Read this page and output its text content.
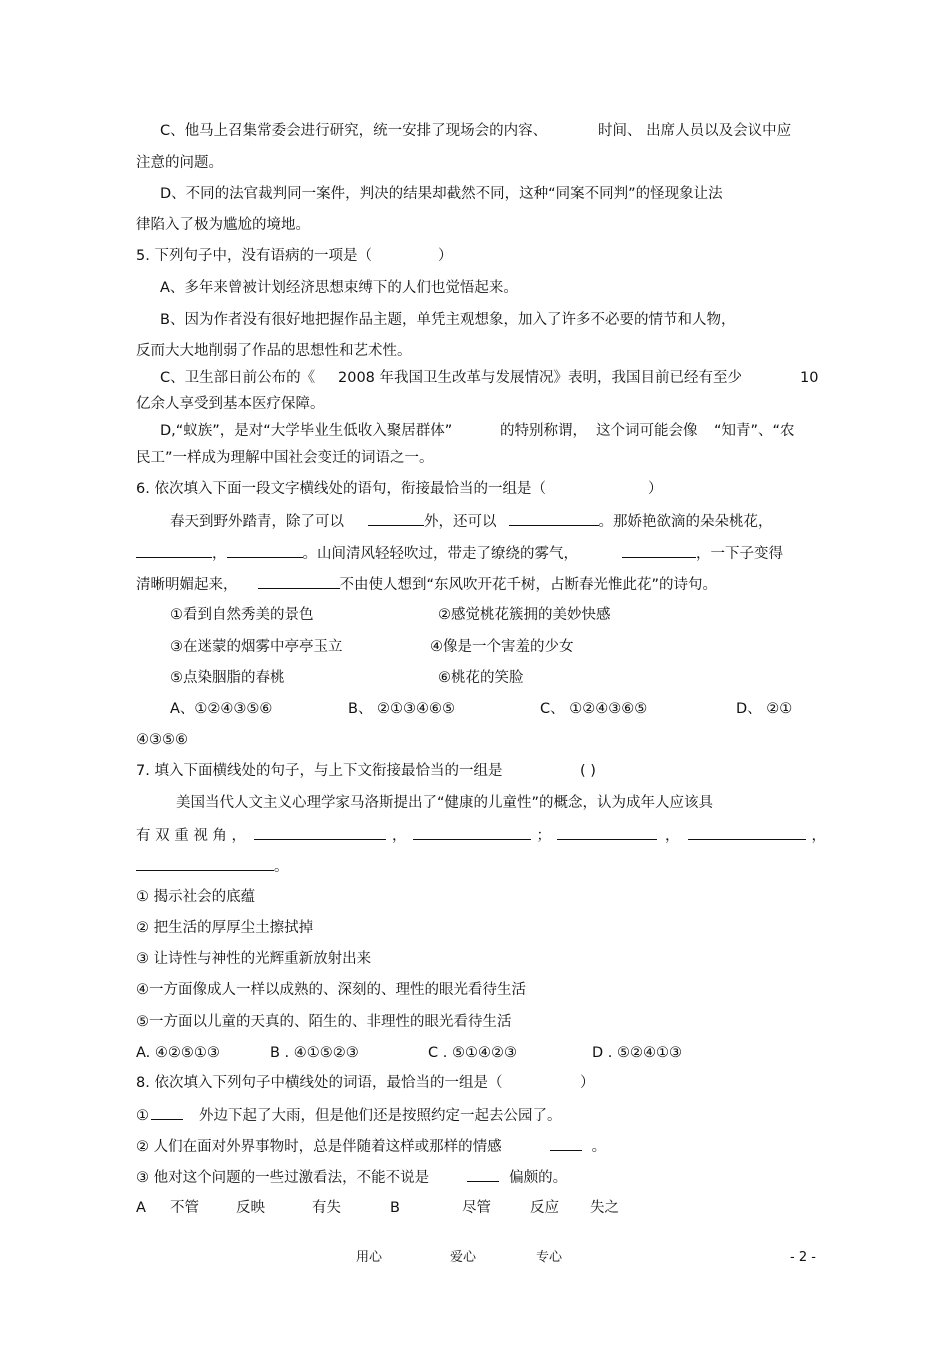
C、他马上召集常委会进行研究，统一安排了现场会的内容、	时间、 出席人员以及会议中应
注意的问题。
D、不同的法官裁判同一案件，判决的结果却截然不同，这种“同案不同判”的怪现象让法
律陷入了极为尴尬的境地。
5. 下列句子中，没有语病的一项是（	）
A、多年来曾被计划经济思想束缚下的人们也觉悟起来。
B、因为作者没有很好地把握作品主题，单凭主观想象，加入了许多不必要的情节和人物，
反而大大地削弱了作品的思想性和艺术性。
C、卫生部日前公布的《 2008 年我国卫生改革与发展情况》表明，我国目前已经有至少	10
亿余人享受到基本医疗保障。
D,“蚁族”，是对“大学毕业生低收入聚居群体”	的特别称谓， 这个词可能会像 “知青”、“农
民工”一样成为理解中国社会变迁的词语之一。
6. 依次填入下面一段文字横线处的语句，衔接最恰当的一组是（	）
春天到野外踏青，除了可以	外，还可以	。那娇艳欲滴的朵朵桃花，
，	。山间清风轻轻吹过，带走了缭绕的雾气，	，一下子变得
清晰明媚起来，	不由使人想到“东风吹开花千树，占断春光惟此花”的诗句。
①看到自然秀美的景色	②感觉桃花簇拥的美妙快感
③在迷蒙的烟雾中亭亭玉立	④像是一个害羞的少女
⑤点染胭脂的春桃	⑥桃花的笑脸
A、①②④③⑤⑥	B、 ②①③④⑥⑤	C、 ①②④③⑥⑤	D、 ②①
④③⑤⑥
7. 填入下面横线处的句子，与上下文衔接最恰当的一组是	( )
美国当代人文主义心理学家马洛斯提出了“健康的儿童性”的概念，认为成年人应该具
有 双 重 视 角 ，	，	；	，	，
。
① 揭示社会的底蕴
② 把生活的厚厚尘土擦拭掉
③ 让诗性与神性的光辉重新放射出来
④一方面像成人一样以成熟的、深刻的、理性的眼光看待生活
⑤一方面以儿童的天真的、陌生的、非理性的眼光看待生活
A. ④②⑤①③	B . ④①⑤②③	C . ⑤①④②③	D . ⑤②④①③
8. 依次填入下列句子中横线处的词语，最恰当的一组是（	）
①	外边下起了大雨，但是他们还是按照约定一起去公园了。
② 人们在面对外界事物时，总是伴随着这样或那样的情感	。
③ 他对这个问题的一些过激看法，不能不说是	偏颇的。
A 不管	反映	有失	B	尽管	反应 失之
用心	爱心	专心	- 2 -
